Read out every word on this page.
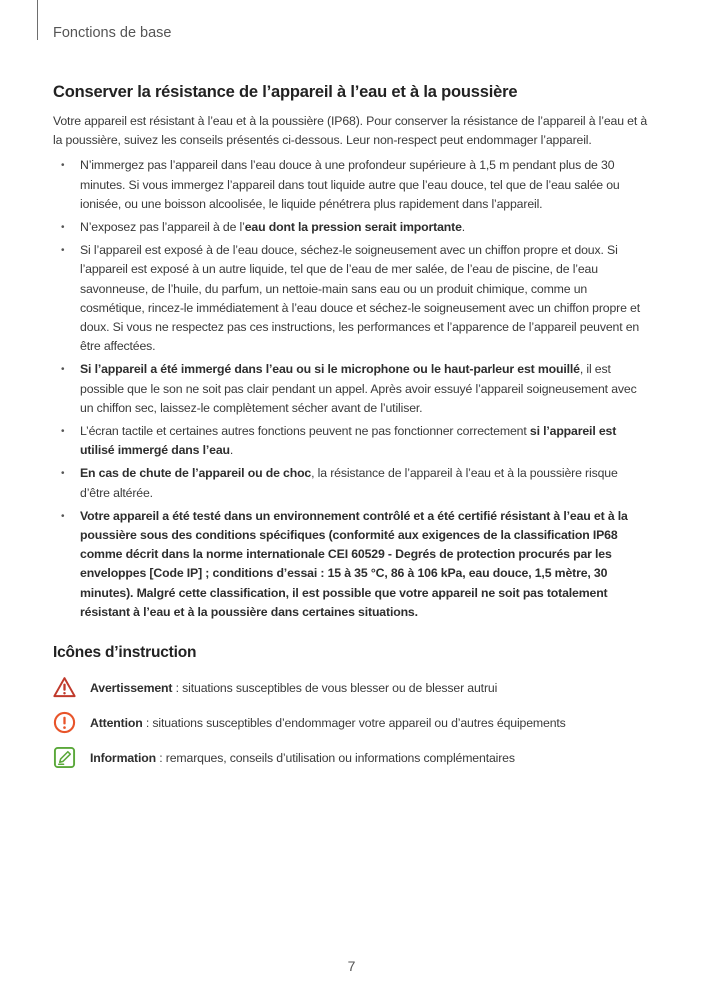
Fonctions de base
Conserver la résistance de l’appareil à l’eau et à la poussière

Votre appareil est résistant à l’eau et à la poussière (IP68). Pour conserver la résistance de l’appareil à l’eau et à la poussière, suivez les conseils présentés ci-dessous. Leur non-respect peut endommager l’appareil.

• N’immergez pas l’appareil dans l’eau douce à une profondeur supérieure à 1,5 m pendant plus de 30 minutes. Si vous immergez l’appareil dans tout liquide autre que l’eau douce, tel que de l’eau salée ou ionisée, ou une boisson alcoolisée, le liquide pénétrera plus rapidement dans l’appareil.
• N’exposez pas l’appareil à de l’eau dont la pression serait importante.
• Si l’appareil est exposé à de l’eau douce, séchez-le soigneusement avec un chiffon propre et doux. Si l’appareil est exposé à un autre liquide, tel que de l’eau de mer salée, de l’eau de piscine, de l’eau savonneuse, de l’huile, du parfum, un nettoie-main sans eau ou un produit chimique, comme un cosmétique, rincez-le immédiatement à l’eau douce et séchez-le soigneusement avec un chiffon propre et doux. Si vous ne respectez pas ces instructions, les performances et l’apparence de l’appareil peuvent en être affectées.
• Si l’appareil a été immergé dans l’eau ou si le microphone ou le haut-parleur est mouillé, il est possible que le son ne soit pas clair pendant un appel. Après avoir essuyé l’appareil soigneusement avec un chiffon sec, laissez-le complètement sécher avant de l’utiliser.
• L’écran tactile et certaines autres fonctions peuvent ne pas fonctionner correctement si l’appareil est utilisé immergé dans l’eau.
• En cas de chute de l’appareil ou de choc, la résistance de l’appareil à l’eau et à la poussière risque d’être altérée.
• Votre appareil a été testé dans un environnement contrôlé et a été certifié résistant à l’eau et à la poussière sous des conditions spécifiques (conformité aux exigences de la classification IP68 comme décrit dans la norme internationale CEI 60529 - Degrés de protection procurés par les enveloppes [Code IP] ; conditions d’essai : 15 à 35 °C, 86 à 106 kPa, eau douce, 1,5 mètre, 30 minutes). Malgré cette classification, il est possible que votre appareil ne soit pas totalement résistant à l’eau et à la poussière dans certaines situations.
Icônes d’instruction
Avertissement : situations susceptibles de vous blesser ou de blesser autrui
Attention : situations susceptibles d’endommager votre appareil ou d’autres équipements
Information : remarques, conseils d’utilisation ou informations complémentaires
7
